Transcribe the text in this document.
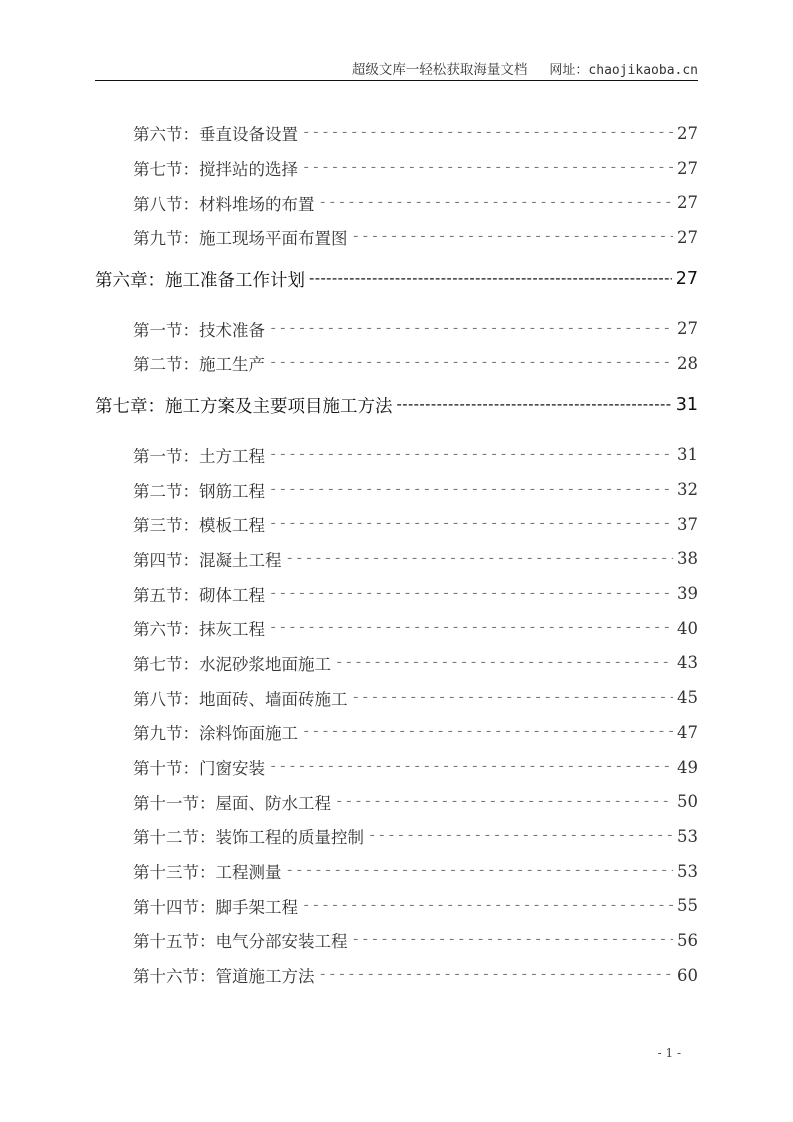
超级文库一轻松获取海量文档 网址：chaojikaoba.cn
第六节：垂直设备设置 -----	27
第七节：搅拌站的选择 -----	27
第八节：材料堆场的布置 -----	27
第九节：施工现场平面布置图 -----	27
第六章：施工准备工作计划 -----	27
第一节：技术准备 -----	27
第二节：施工生产 -----	28
第七章：施工方案及主要项目施工方法 -----	31
第一节：土方工程 -----	31
第二节：钢筋工程 -----	32
第三节：模板工程 -----	37
第四节：混凝土工程 -----	38
第五节：砌体工程 -----	39
第六节：抹灰工程 -----	40
第七节：水泥砂浆地面施工 -----	43
第八节：地面砖、墙面砖施工 -----	45
第九节：涂料饰面施工 -----	47
第十节：门窗安装 -----	49
第十一节：屋面、防水工程 -----	50
第十二节：装饰工程的质量控制 -----	53
第十三节：工程测量 -----	53
第十四节：脚手架工程 -----	55
第十五节：电气分部安装工程 -----	56
第十六节：管道施工方法 -----	60
- 1 -
